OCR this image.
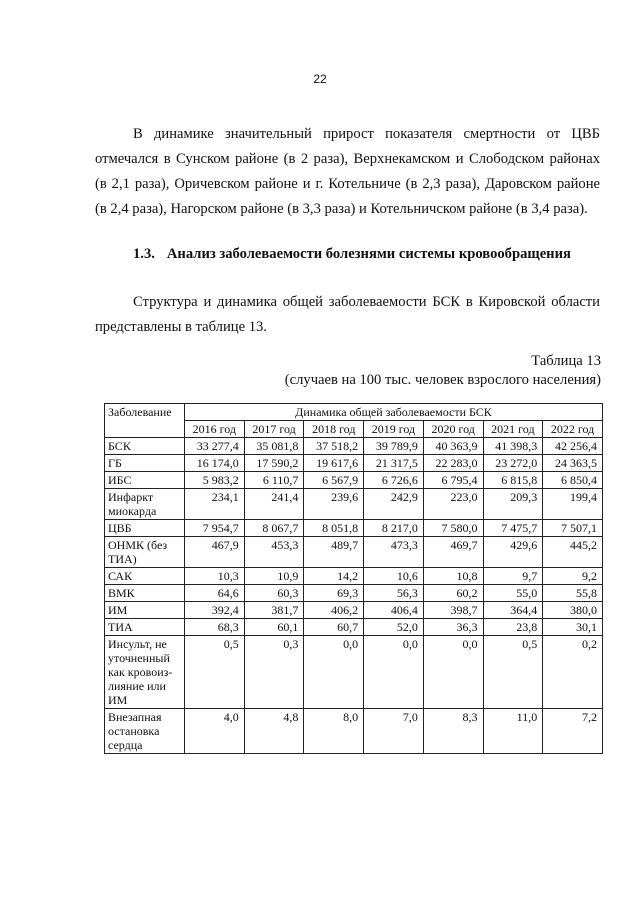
22
В динамике значительный прирост показателя смертности от ЦВБ
отмечался в Сунском районе (в 2 раза), Верхнекамском и Слободском районах
(в 2,1 раза), Оричевском районе и г. Котельниче (в 2,3 раза), Даровском районе
(в 2,4 раза), Нагорском районе (в 3,3 раза) и Котельничском районе (в 3,4 раза).
1.3. Анализ заболеваемости болезнями системы кровообращения
Структура и динамика общей заболеваемости БСК в Кировской области
представлены в таблице 13.
Таблица 13
(случаев на 100 тыс. человек взрослого населения)
Заболевание	Динамика общей заболеваемости БСК						
	2016 год	2017 год	2018 год	2019 год	2020 год	2021 год	2022 год
БСК	33 277,4	35 081,8	37 518,2	39 789,9	40 363,9	41 398,3	42 256,4
ГБ	16 174,0	17 590,2	19 617,6	21 317,5	22 283,0	23 272,0	24 363,5
ИБС	5 983,2	6 110,7	6 567,9	6 726,6	6 795,4	6 815,8	6 850,4
Инфаркт миокарда	234,1	241,4	239,6	242,9	223,0	209,3	199,4
ЦВБ	7 954,7	8 067,7	8 051,8	8 217,0	7 580,0	7 475,7	7 507,1
ОНМК (без ТИА)	467,9	453,3	489,7	473,3	469,7	429,6	445,2
САК	10,3	10,9	14,2	10,6	10,8	9,7	9,2
ВМК	64,6	60,3	69,3	56,3	60,2	55,0	55,8
ИМ	392,4	381,7	406,2	406,4	398,7	364,4	380,0
ТИА	68,3	60,1	60,7	52,0	36,3	23,8	30,1
Инсульт, не уточненный как кровоиз-лияние или ИМ	0,5	0,3	0,0	0,0	0,0	0,5	0,2
Внезапная остановка сердца	4,0	4,8	8,0	7,0	8,3	11,0	7,2
